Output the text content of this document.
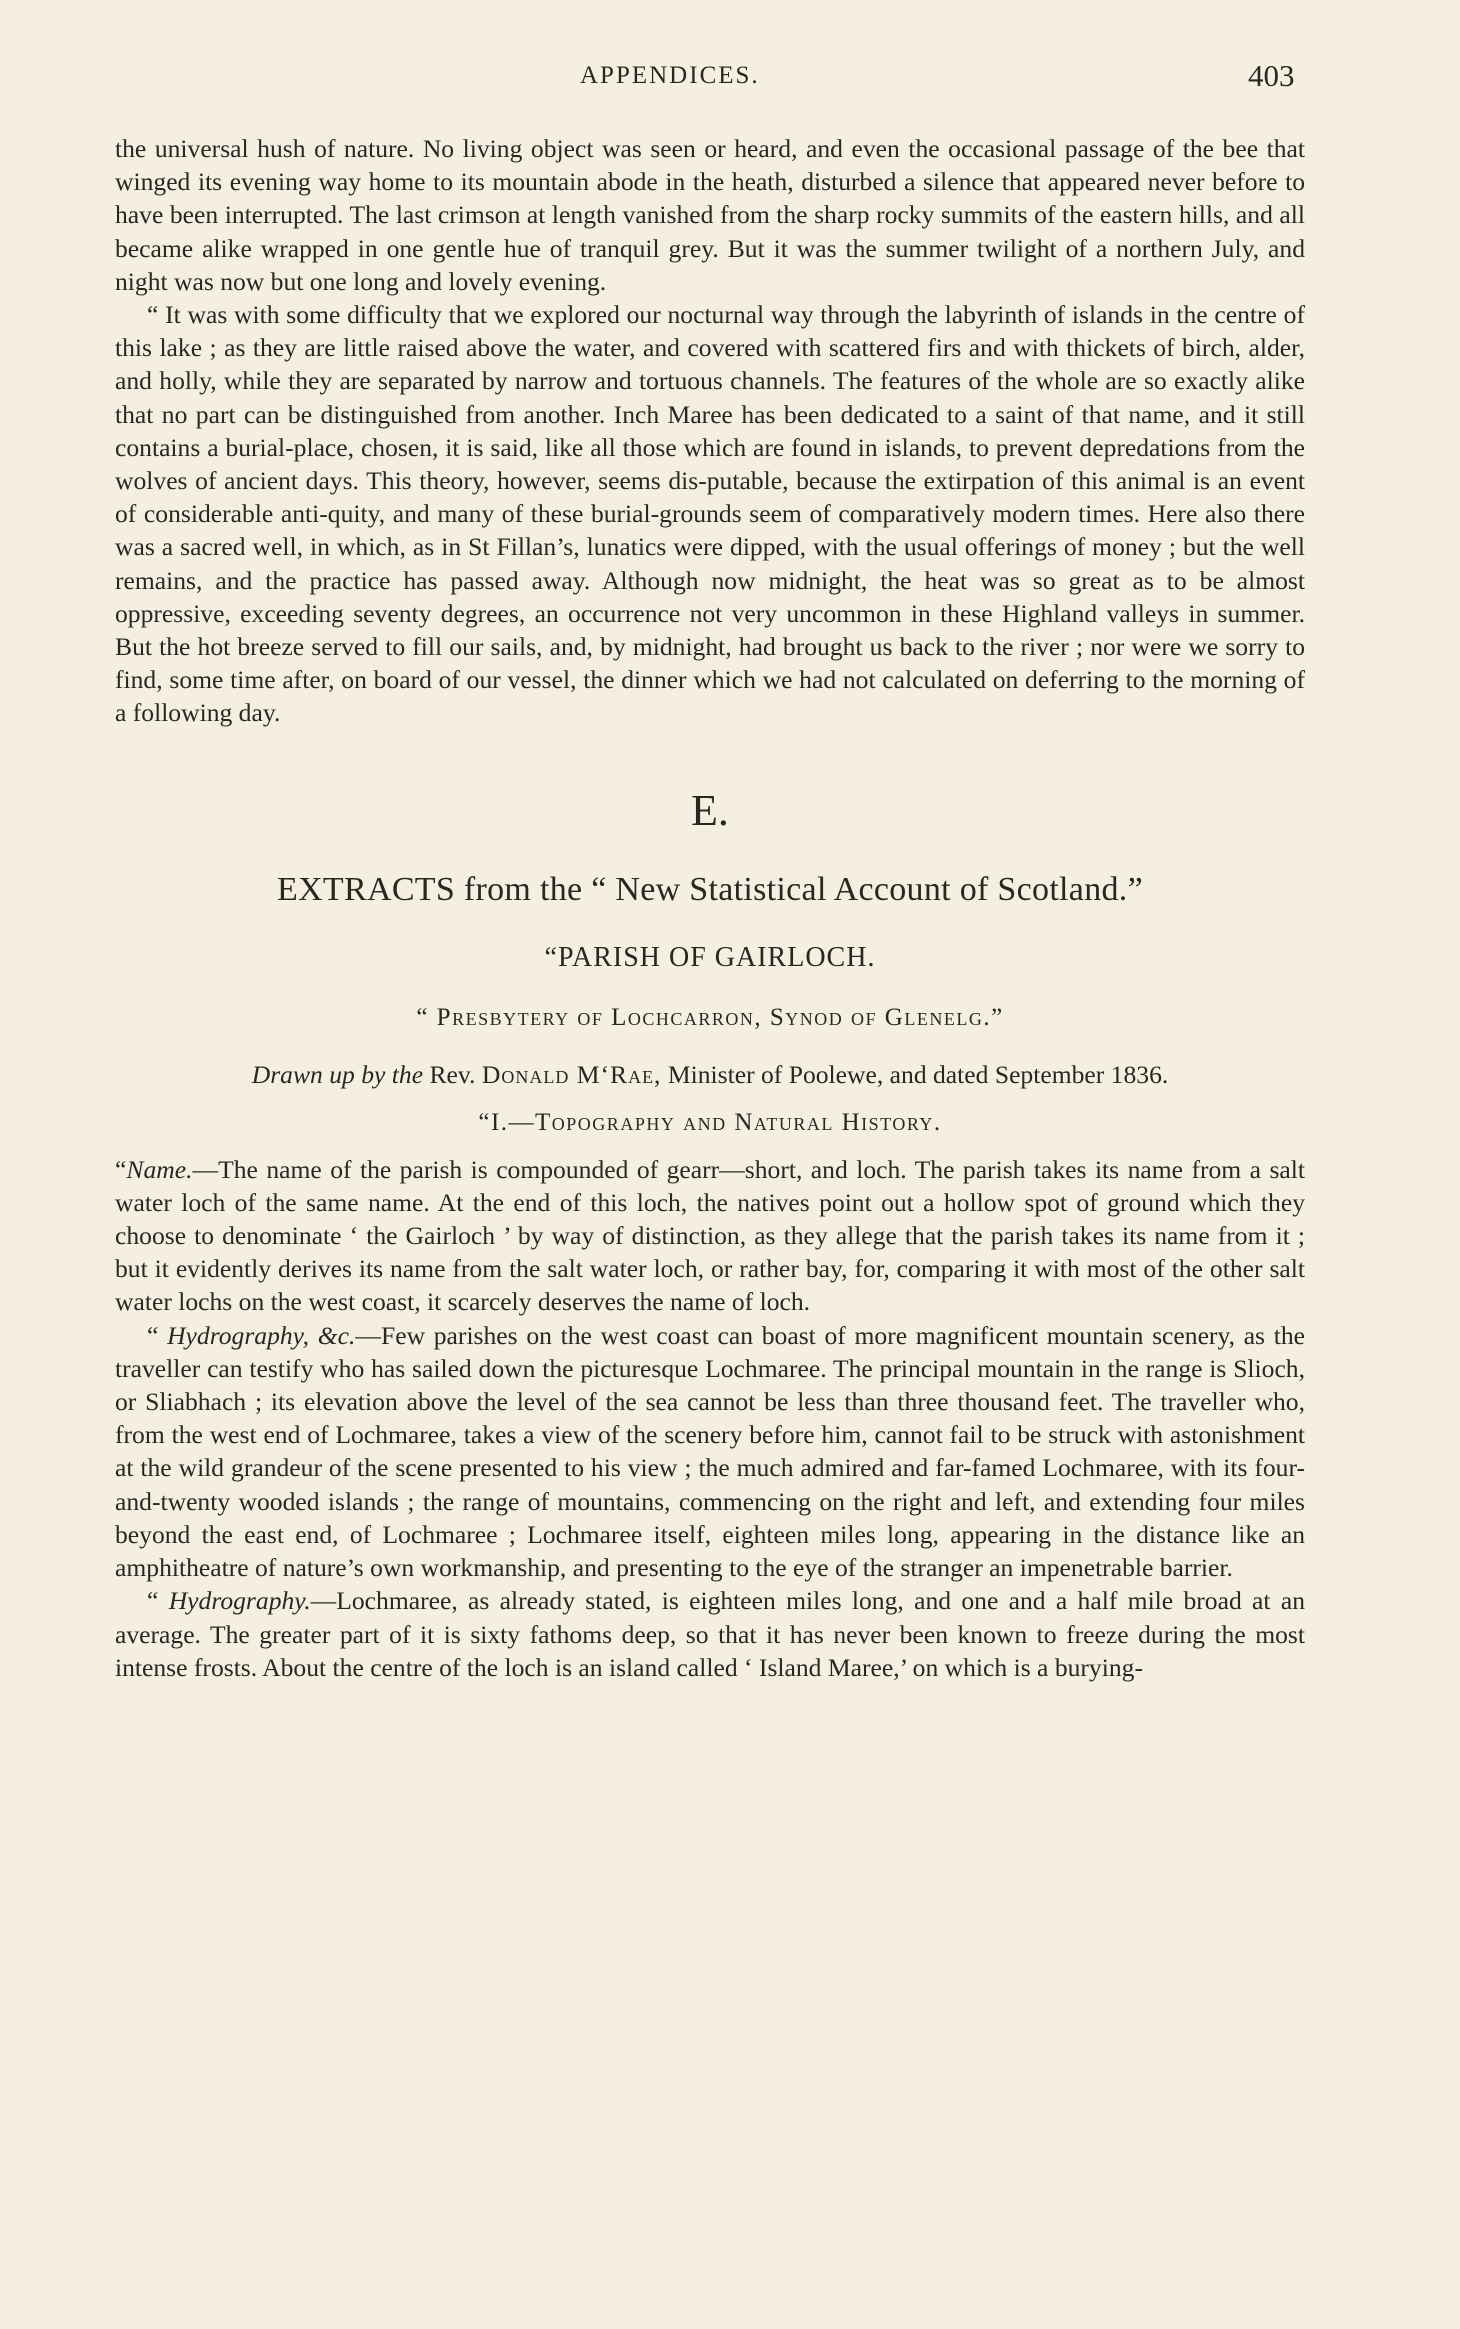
APPENDICES.	403

the universal hush of nature. No living object was seen or heard, and even the occasional passage of the bee that winged its evening way home to its mountain abode in the heath, disturbed a silence that appeared never before to have been interrupted. The last crimson at length vanished from the sharp rocky summits of the eastern hills, and all became alike wrapped in one gentle hue of tranquil grey. But it was the summer twilight of a northern July, and night was now but one long and lovely evening.

“ It was with some difficulty that we explored our nocturnal way through the labyrinth of islands in the centre of this lake ; as they are little raised above the water, and covered with scattered firs and with thickets of birch, alder, and holly, while they are separated by narrow and tortuous channels. The features of the whole are so exactly alike that no part can be distinguished from another. Inch Maree has been dedicated to a saint of that name, and it still contains a burial-place, chosen, it is said, like all those which are found in islands, to prevent depredations from the wolves of ancient days. This theory, however, seems dis-putable, because the extirpation of this animal is an event of considerable anti-quity, and many of these burial-grounds seem of comparatively modern times. Here also there was a sacred well, in which, as in St Fillan’s, lunatics were dipped, with the usual offerings of money ; but the well remains, and the practice has passed away. Although now midnight, the heat was so great as to be almost oppressive, exceeding seventy degrees, an occurrence not very uncommon in these Highland valleys in summer. But the hot breeze served to fill our sails, and, by midnight, had brought us back to the river ; nor were we sorry to find, some time after, on board of our vessel, the dinner which we had not calculated on deferring to the morning of a following day.

E.
EXTRACTS from the “ New Statistical Account of Scotland.”
“PARISH OF GAIRLOCH.
“ Presbytery of Lochcarron, Synod of Glenelg.”
Drawn up by the Rev. Donald M‘Rae, Minister of Poolewe, and dated September 1836.
“I.—Topography and Natural History.

“Name.—The name of the parish is compounded of gearr—short, and loch. The parish takes its name from a salt water loch of the same name. At the end of this loch, the natives point out a hollow spot of ground which they choose to denominate ‘ the Gairloch ’ by way of distinction, as they allege that the parish takes its name from it ; but it evidently derives its name from the salt water loch, or rather bay, for, comparing it with most of the other salt water lochs on the west coast, it scarcely deserves the name of loch.

“ Hydrography, &c.—Few parishes on the west coast can boast of more magnificent mountain scenery, as the traveller can testify who has sailed down the picturesque Lochmaree. The principal mountain in the range is Slioch, or Sliabhach ; its elevation above the level of the sea cannot be less than three thousand feet. The traveller who, from the west end of Lochmaree, takes a view of the scenery before him, cannot fail to be struck with astonishment at the wild grandeur of the scene presented to his view ; the much admired and far-famed Lochmaree, with its four-and-twenty wooded islands ; the range of mountains, commencing on the right and left, and extending four miles beyond the east end, of Lochmaree ; Lochmaree itself, eighteen miles long, appearing in the distance like an amphitheatre of nature’s own workmanship, and presenting to the eye of the stranger an impenetrable barrier.

“ Hydrography.—Lochmaree, as already stated, is eighteen miles long, and one and a half mile broad at an average. The greater part of it is sixty fathoms deep, so that it has never been known to freeze during the most intense frosts. About the centre of the loch is an island called ‘ Island Maree,’ on which is a burying-
